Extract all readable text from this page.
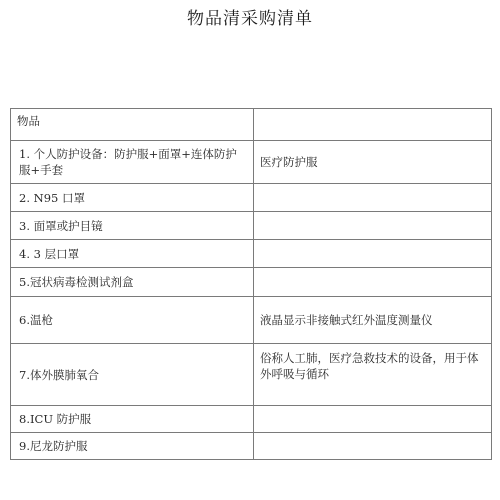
物品清采购清单
物品	
1. 个人防护设备：防护服+面罩+连体防护服+手套	医疗防护服
2. N95 口罩	
3. 面罩或护目镜	
4. 3 层口罩	
5.冠状病毒检测试剂盒	
6.温枪	液晶显示非接触式红外温度测量仪
7.体外膜肺氧合	俗称人工肺，医疗急救技术的设备，用于体外呼吸与循环
8.ICU 防护服	
9.尼龙防护服	
